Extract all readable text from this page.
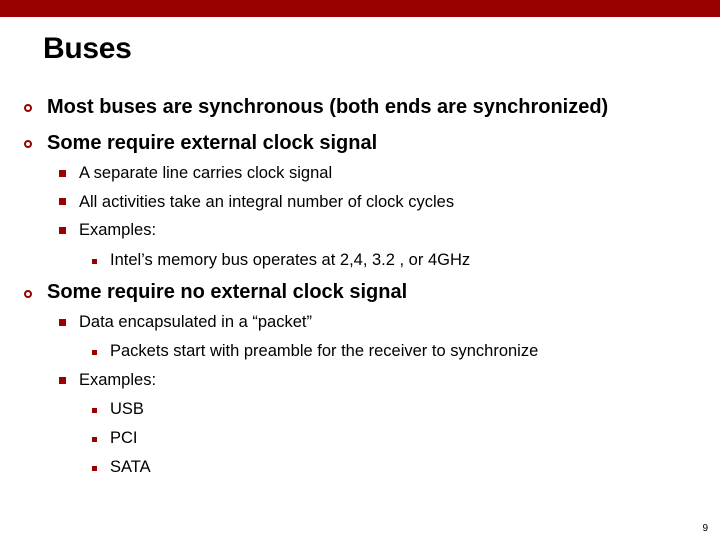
Buses
Most buses are synchronous (both ends are synchronized)
Some require external clock signal
A separate line carries clock signal
All activities take an integral number of clock cycles
Examples:
Intel’s memory bus operates at 2,4, 3.2 , or 4GHz
Some require no external clock signal
Data encapsulated in a “packet”
Packets start with preamble for the receiver to synchronize
Examples:
USB
PCI
SATA
9
